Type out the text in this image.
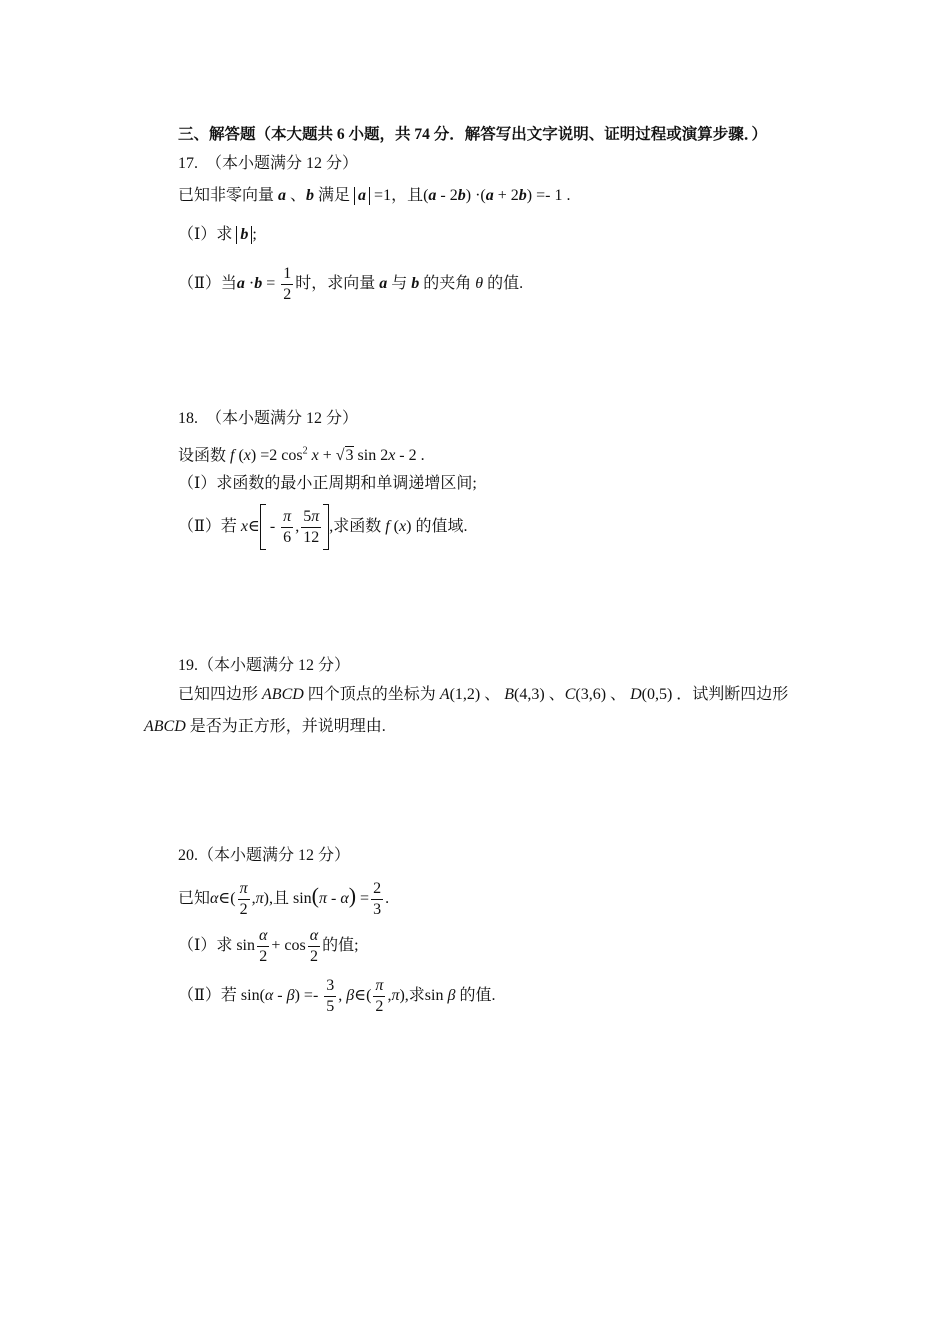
三、解答题（本大题共 6 小题，共 74 分．解答写出文字说明、证明过程或演算步骤．）
17.　（本小题满分 12 分）
已知非零向量 a 、b 满足 a =1，且(a - 2b) ·(a + 2b) =- 1 .
（Ⅰ）求 b ;
（Ⅱ）当$a \cdot b = \frac{1}{2}$ 时，求向量 a 与 b 的夹角 θ 的值.
18.　（本小题满分 12 分）
设函数 f (x) =2 $\cos^2 x + √3$ sin 2x - 2 .
（Ⅰ）求函数的最小正周期和单调递增区间;
（Ⅱ）若 x∈ - $\frac{\pi}{6}$ , $\frac{5\pi}{12}$ ,求函数 f (x) 的值域.
19.（本小题满分 12 分）
已知四边形 ABCD 四个顶点的坐标为 A(1,2) 、 B(4,3) 、C(3,6) 、 D(0,5) ．试判断四边形
ABCD 是否为正方形，并说明理由.
20.（本小题满分 12 分）
已知α∈( $\frac{\pi}{2} ,\pi$),且 $\sin(\pi - \alpha) = \frac{2}{3}$ .
（Ⅰ）求 $\sin \frac{\alpha}{2} + \cos \frac{\alpha}{2}$ 的值;
（Ⅱ）若 $\sin(\alpha - \beta) =- \frac{3}{5}$ , β∈( $\frac{\pi}{2} ,\pi$),求sin β 的值.
